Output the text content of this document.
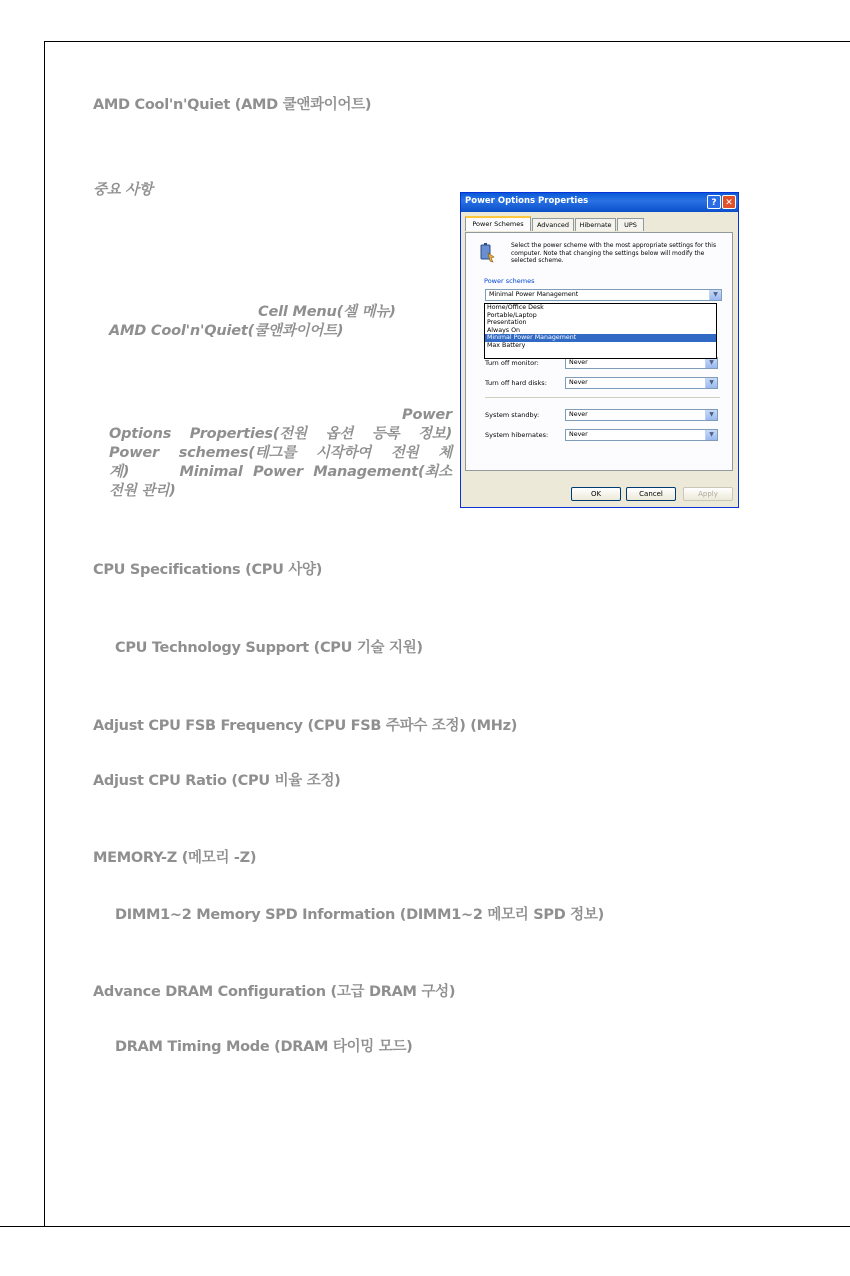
AMD Cool'n'Quiet (AMD 쿨앤콰이어트)
중요 사항
Cell Menu(셀 메뉴)
AMD Cool'n'Quiet(쿨앤콰이어트)
Power
Options Properties(전원 옵션 등록 정보)
Power schemes(테그를 시작하여 전원 체
계)	Minimal Power Management(최소
전원 관리)
Power Options Properties	? ✕
Power Schemes	Advanced	Hibernate	UPS
Select the power scheme with the most appropriate settings for this computer. Note that changing the settings below will modify the selected scheme.
Power schemes
Minimal Power Management	▼
Turn off monitor:	Never	▼
Turn off hard disks:	Never	▼
System standby:	Never	▼
System hibernates:	Never	▼
Home/Office Desk
Portable/Laptop
Presentation
Always On
Minimal Power Management
Max Battery
OK	Cancel	Apply
CPU Specifications (CPU 사양)
CPU Technology Support (CPU 기술 지원)
Adjust CPU FSB Frequency (CPU FSB 주파수 조정) (MHz)
Adjust CPU Ratio (CPU 비율 조정)
MEMORY-Z (메모리 -Z)
DIMM1~2 Memory SPD Information (DIMM1~2 메모리 SPD 정보)
Advance DRAM Configuration (고급 DRAM 구성)
DRAM Timing Mode (DRAM 타이밍 모드)
